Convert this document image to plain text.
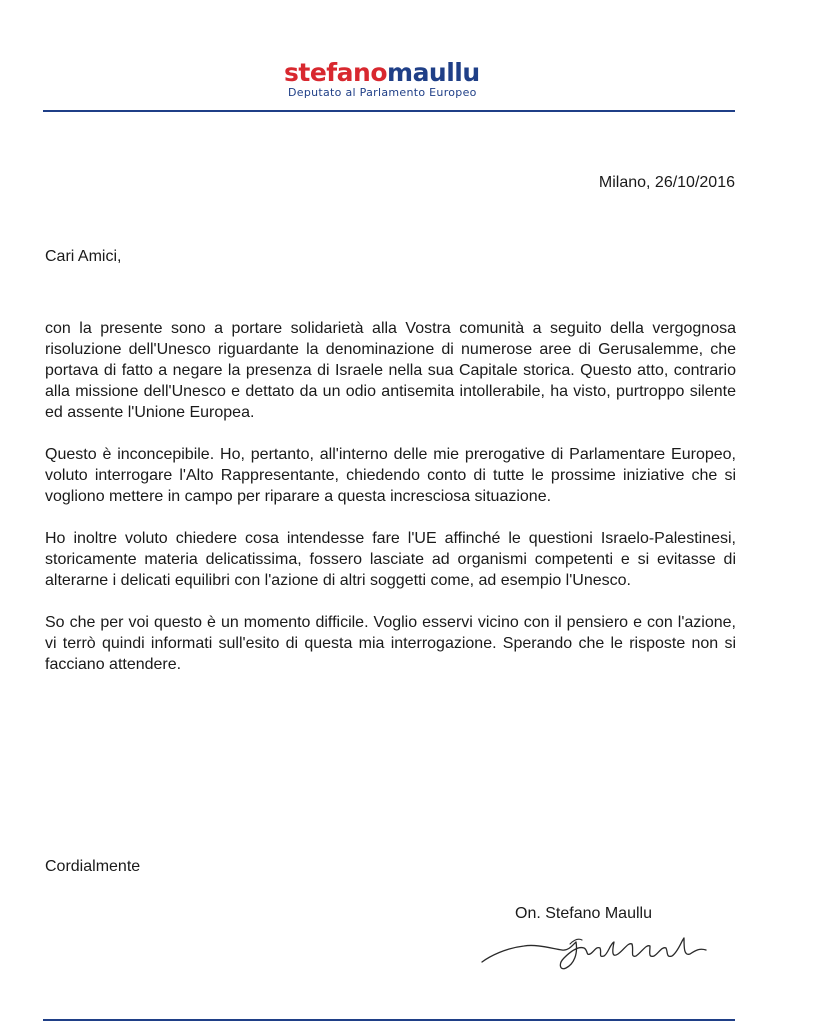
stefanomaullu
Deputato al Parlamento Europeo
Milano, 26/10/2016
Cari Amici,

con la presente sono a portare solidarietà alla Vostra comunità a seguito della vergognosa risoluzione dell'Unesco riguardante la denominazione di numerose aree di Gerusalemme, che portava di fatto a negare la presenza di Israele nella sua Capitale storica. Questo atto, contrario alla missione dell'Unesco e dettato da un odio antisemita intollerabile, ha visto, purtroppo silente ed assente l'Unione Europea.

Questo è inconcepibile. Ho, pertanto, all'interno delle mie prerogative di Parlamentare Europeo, voluto interrogare l'Alto Rappresentante, chiedendo conto di tutte le prossime iniziative che si vogliono mettere in campo per riparare a questa incresciosa situazione.

Ho inoltre voluto chiedere cosa intendesse fare l'UE affinché le questioni Israelo-Palestinesi, storicamente materia delicatissima, fossero lasciate ad organismi competenti e si evitasse di alterarne i delicati equilibri con l'azione di altri soggetti come, ad esempio l'Unesco.

So che per voi questo è un momento difficile. Voglio esservi vicino con il pensiero e con l'azione, vi terrò quindi informati sull'esito di questa mia interrogazione. Sperando che le risposte non si facciano attendere.

Cordialmente
On. Stefano Maullu
